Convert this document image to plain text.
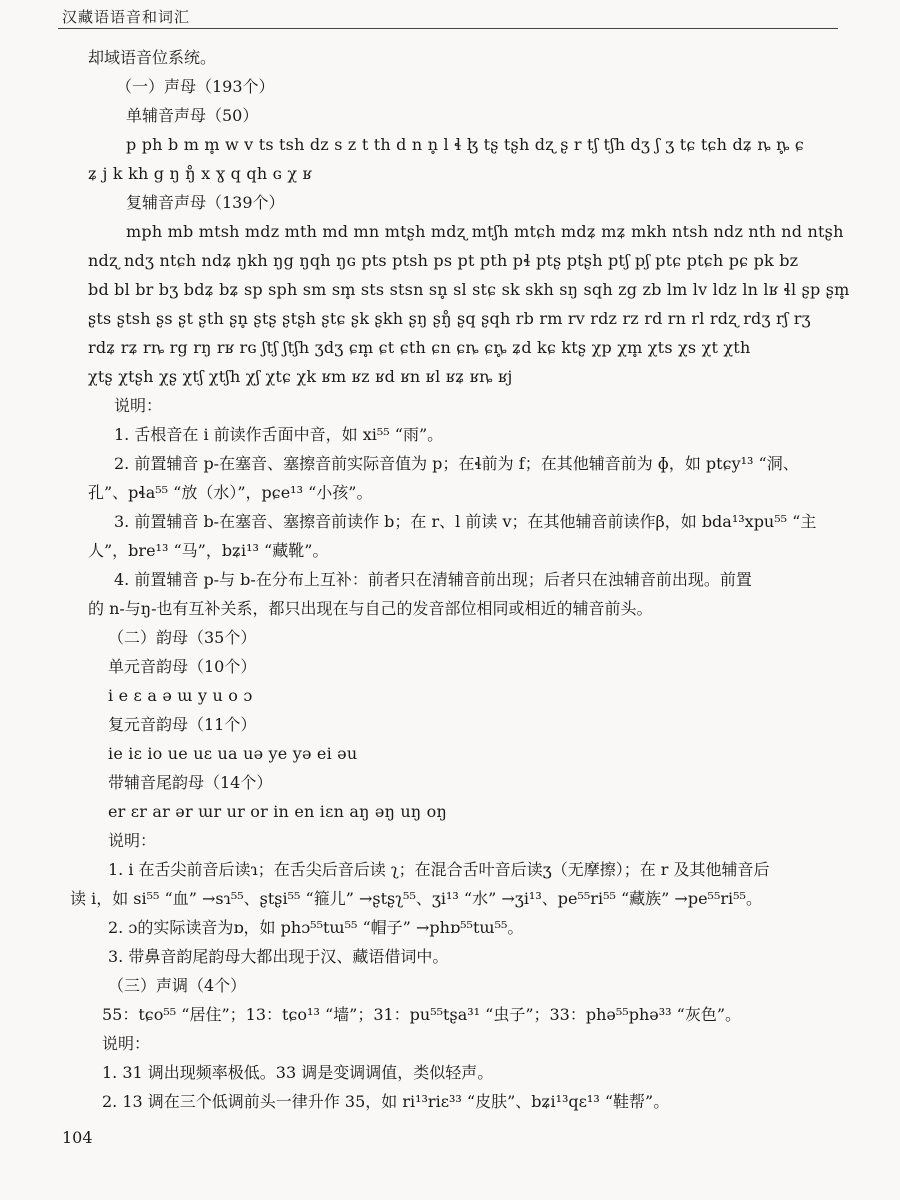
汉藏语语音和词汇
却域语音位系统。
（一）声母（193个）
单辅音声母（50）
p ph b m m̥ w v ts tsh dz s z t th d n n̥ l ɬ ɮ tʂ tʂh dʐ ʂ r tʃ tʃh dʒ ʃ ʒ tɕ tɕh dʑ ȵ ȵ̥ ɕ
ʑ j k kh g ŋ ŋ̊ x ɣ q qh ɢ χ ʁ
复辅音声母（139个）
mph mb mtsh mdz mth md mn mtʂh mdʐ mtʃh mtɕh mdʑ mʑ mkh ntsh ndz nth nd ntʂh
ndʐ ndʒ ntɕh ndʑ ŋkh ŋg ŋqh ŋɢ pts ptsh ps pt pth pɬ ptʂ ptʂh ptʃ pʃ ptɕ ptɕh pɕ pk bz
bd bl br bʒ bdʑ bʑ sp sph sm sm̥ sts stsn sn̥ sl stɕ sk skh sŋ sqh zg zb lm lv ldz ln lʁ ɬl ʂp ʂm̥
ʂts ʂtsh ʂs ʂt ʂth ʂn̥ ʂtʂ ʂtʂh ʂtɕ ʂk ʂkh ʂŋ ʂŋ̊ ʂq ʂqh rb rm rv rdz rz rd rn rl rdʐ rdʒ rʃ rʒ
rdʑ rʑ rȵ rg rŋ rʁ rɢ ʃtʃ ʃtʃh ʒdʒ ɕm̥ ɕt ɕth ɕn ɕȵ ɕȵ̥ ʑd kɕ ktʂ χp χm̥ χts χs χt χth
χtʂ χtʂh χʂ χtʃ χtʃh χʃ χtɕ χk ʁm ʁz ʁd ʁn ʁl ʁʑ ʁȵ ʁj
说明：
1. 舌根音在 i 前读作舌面中音，如 xi⁵⁵ “雨”。
2. 前置辅音 p-在塞音、塞擦音前实际音值为 p；在ɬ前为 f；在其他辅音前为 ɸ，如 ptɕy¹³ “洞、
孔”、pɬa⁵⁵ “放（水）”，pɕe¹³ “小孩”。
3. 前置辅音 b-在塞音、塞擦音前读作 b；在 r、l 前读 v；在其他辅音前读作β，如 bda¹³xpu⁵⁵ “主
人”，bre¹³ “马”，bʑi¹³ “藏靴”。
4. 前置辅音 p-与 b-在分布上互补：前者只在清辅音前出现；后者只在浊辅音前出现。前置
的 n-与ŋ-也有互补关系，都只出现在与自己的发音部位相同或相近的辅音前头。
（二）韵母（35个）
单元音韵母（10个）
i e ɛ a ə ɯ y u o ɔ
复元音韵母（11个）
ie iɛ io ue uɛ ua uə ye yə ei əu
带辅音尾韵母（14个）
er ɛr ar ər ɯr ur or in en iɛn aŋ əŋ uŋ oŋ
说明：
1. i 在舌尖前音后读ɿ；在舌尖后音后读 ʅ；在混合舌叶音后读ʒ（无摩擦）；在 r 及其他辅音后
读 i，如 si⁵⁵ “血” →sɿ⁵⁵、ʂtʂi⁵⁵ “箍儿” →ʂtʂʅ⁵⁵、ʒi¹³ “水” →ʒi¹³、pe⁵⁵ri⁵⁵ “藏族” →pe⁵⁵ri⁵⁵。
2. ɔ的实际读音为ɒ，如 phɔ⁵⁵tɯ⁵⁵ “帽子” →phɒ⁵⁵tɯ⁵⁵。
3. 带鼻音韵尾韵母大都出现于汉、藏语借词中。
（三）声调（4个）
55：tɕo⁵⁵ “居住”；13：tɕo¹³ “墙”；31：pu⁵⁵tʂa³¹ “虫子”；33：phə⁵⁵phə³³ “灰色”。
说明：
1. 31 调出现频率极低。33 调是变调调值，类似轻声。
2. 13 调在三个低调前头一律升作 35，如 ri¹³riɛ³³ “皮肤”、bʑi¹³qɛ¹³ “鞋帮”。
104
